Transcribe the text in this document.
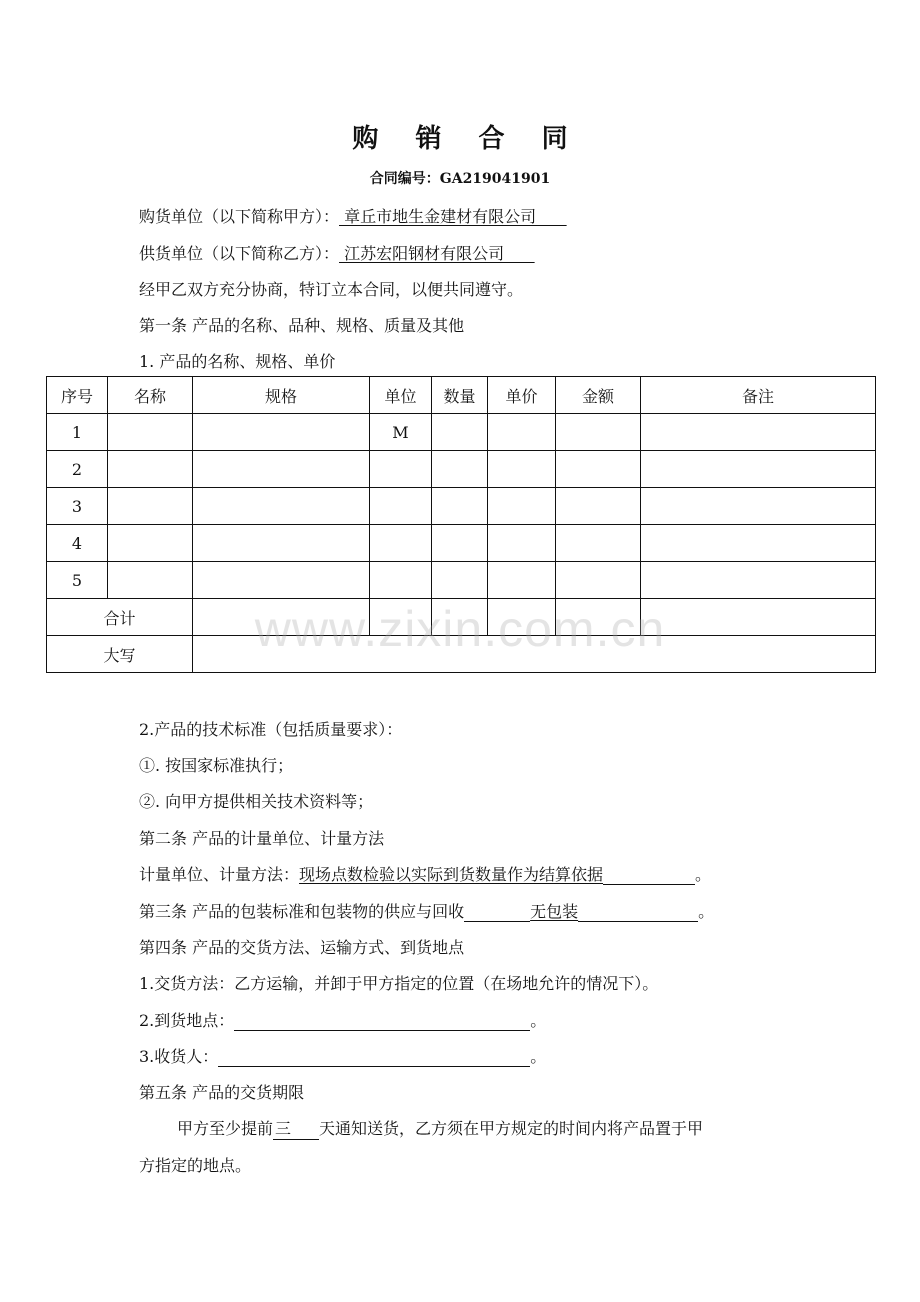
购 销 合 同
合同编号：GA219041901
购货单位（以下简称甲方）： 章丘市地生金建材有限公司
供货单位（以下简称乙方）： 江苏宏阳钢材有限公司
经甲乙双方充分协商，特订立本合同，以便共同遵守。
第一条 产品的名称、品种、规格、质量及其他
1. 产品的名称、规格、单价
序号	名称	规格	单位	数量	单价	金额	备注
1			M				
2							
3							
4							
5							
合计							
大写								www.zixin.com.cn
2.产品的技术标准（包括质量要求）：
①. 按国家标准执行；
②. 向甲方提供相关技术资料等；
第二条 产品的计量单位、计量方法
计量单位、计量方法：现场点数检验以实际到货数量作为结算依据	。
第三条 产品的包装标准和包装物的供应与回收	无包装	。
第四条 产品的交货方法、运输方式、到货地点
1.交货方法：乙方运输，并卸于甲方指定的位置（在场地允许的情况下）。
2.到货地点：	。
3.收货人：	。
第五条 产品的交货期限
甲方至少提前 三 天通知送货，乙方须在甲方规定的时间内将产品置于甲
方指定的地点。
